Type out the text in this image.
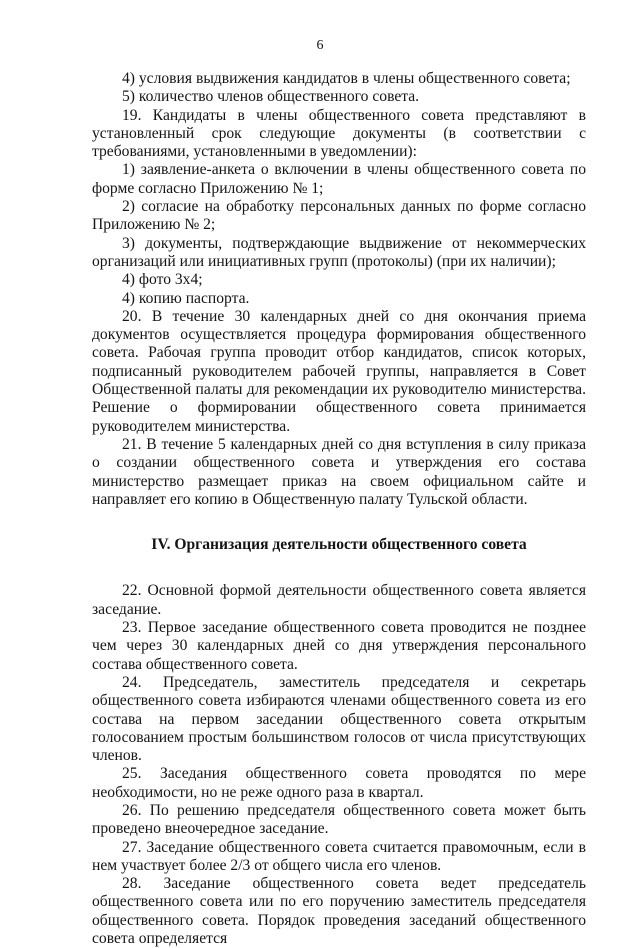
6

4) условия выдвижения кандидатов в члены общественного совета;

5) количество членов общественного совета.

19. Кандидаты в члены общественного совета представляют в установленный срок следующие документы (в соответствии с требованиями, установленными в уведомлении):

1) заявление-анкета о включении в члены общественного совета по форме согласно Приложению № 1;

2) согласие на обработку персональных данных по форме согласно Приложению № 2;

3) документы, подтверждающие выдвижение от некоммерческих организаций или инициативных групп (протоколы) (при их наличии);

4) фото 3х4;

4) копию паспорта.

20. В течение 30 календарных дней со дня окончания приема документов осуществляется процедура формирования общественного совета. Рабочая группа проводит отбор кандидатов, список которых, подписанный руководителем рабочей группы, направляется в Совет Общественной палаты для рекомендации их руководителю министерства. Решение о формировании общественного совета принимается руководителем министерства.

21. В течение 5 календарных дней со дня вступления в силу приказа о создании общественного совета и утверждения его состава министерство размещает приказ на своем официальном сайте и направляет его копию в Общественную палату Тульской области.

IV. Организация деятельности общественного совета

22. Основной формой деятельности общественного совета является заседание.

23. Первое заседание общественного совета проводится не позднее чем через 30 календарных дней со дня утверждения персонального состава общественного совета.

24. Председатель, заместитель председателя и секретарь общественного совета избираются членами общественного совета из его состава на первом заседании общественного совета открытым голосованием простым большинством голосов от числа присутствующих членов.

25. Заседания общественного совета проводятся по мере необходимости, но не реже одного раза в квартал.

26. По решению председателя общественного совета может быть проведено внеочередное заседание.

27. Заседание общественного совета считается правомочным, если в нем участвует более 2/3 от общего числа его членов.

28. Заседание общественного совета ведет председатель общественного совета или по его поручению заместитель председателя общественного совета. Порядок проведения заседаний общественного совета определяется
